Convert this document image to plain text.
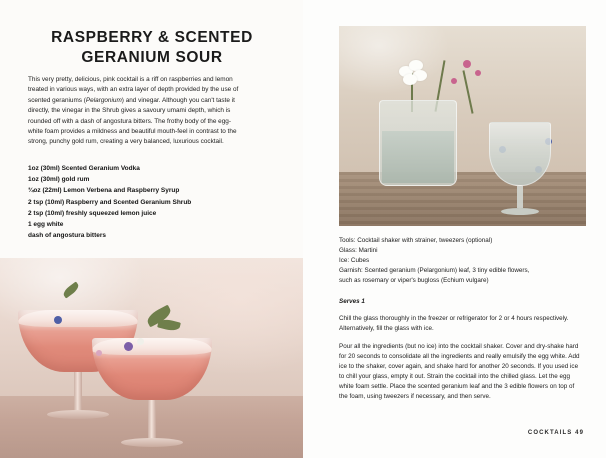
RASPBERRY & SCENTED
GERANIUM SOUR
This very pretty, delicious, pink cocktail is a riff on raspberries and lemon treated in various ways, with an extra layer of depth provided by the use of scented geraniums (Pelargonium) and vinegar. Although you can't taste it directly, the vinegar in the Shrub gives a savoury umami depth, which is rounded off with a dash of angostura bitters. The frothy body of the egg-white foam provides a mildness and beautiful mouth-feel in contrast to the strong, punchy gold rum, creating a very balanced, luxurious cocktail.
1oz (30ml) Scented Geranium Vodka
1oz (30ml) gold rum
¾oz (22ml) Lemon Verbena and Raspberry Syrup
2 tsp (10ml) Raspberry and Scented Geranium Shrub
2 tsp (10ml) freshly squeezed lemon juice
1 egg white
dash of angostura bitters
Tools: Cocktail shaker with strainer, tweezers (optional)
Glass: Martini
Ice: Cubes
Garnish: Scented geranium (Pelargonium) leaf, 3 tiny edible flowers,
such as rosemary or viper's bugloss (Echium vulgare)
Serves 1

Chill the glass thoroughly in the freezer or refrigerator for 2 or 4 hours respectively. Alternatively, fill the glass with ice.

Pour all the ingredients (but no ice) into the cocktail shaker. Cover and dry-shake hard for 20 seconds to consolidate all the ingredients and really emulsify the egg white. Add ice to the shaker, cover again, and shake hard for another 20 seconds. If you used ice to chill your glass, empty it out. Strain the cocktail into the chilled glass. Let the egg white foam settle. Place the scented geranium leaf and the 3 edible flowers on top of the foam, using tweezers if necessary, and then serve.

COCKTAILS 49
